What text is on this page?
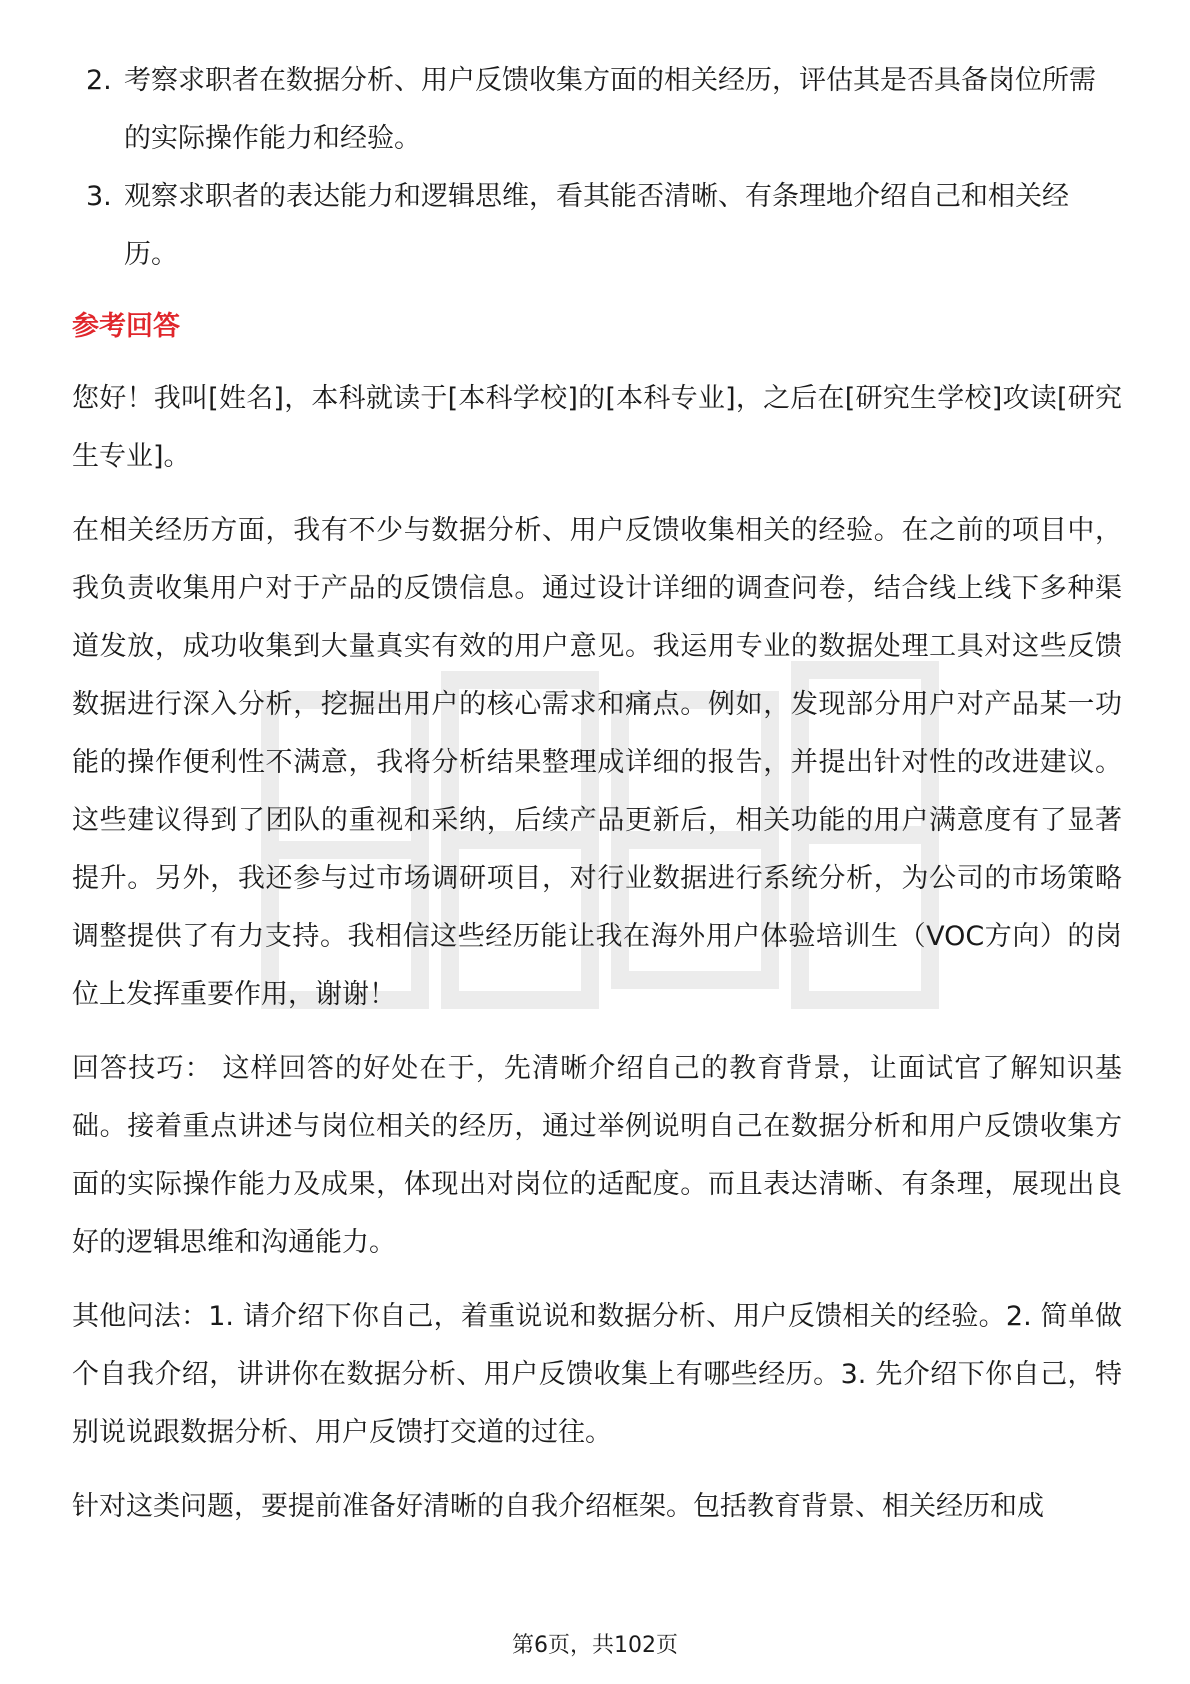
2. 考察求职者在数据分析、用户反馈收集方面的相关经历，评估其是否具备岗位所需的实际操作能力和经验。
3. 观察求职者的表达能力和逻辑思维，看其能否清晰、有条理地介绍自己和相关经历。
参考回答

您好！我叫[姓名]，本科就读于[本科学校]的[本科专业]，之后在[研究生学校]攻读[研究生专业]。

在相关经历方面，我有不少与数据分析、用户反馈收集相关的经验。在之前的项目中，我负责收集用户对于产品的反馈信息。通过设计详细的调查问卷，结合线上线下多种渠道发放，成功收集到大量真实有效的用户意见。我运用专业的数据处理工具对这些反馈数据进行深入分析，挖掘出用户的核心需求和痛点。例如，发现部分用户对产品某一功能的操作便利性不满意，我将分析结果整理成详细的报告，并提出针对性的改进建议。这些建议得到了团队的重视和采纳，后续产品更新后，相关功能的用户满意度有了显著提升。另外，我还参与过市场调研项目，对行业数据进行系统分析，为公司的市场策略调整提供了有力支持。我相信这些经历能让我在海外用户体验培训生（VOC方向）的岗位上发挥重要作用，谢谢！

回答技巧： 这样回答的好处在于，先清晰介绍自己的教育背景，让面试官了解知识基础。接着重点讲述与岗位相关的经历，通过举例说明自己在数据分析和用户反馈收集方面的实际操作能力及成果，体现出对岗位的适配度。而且表达清晰、有条理，展现出良好的逻辑思维和沟通能力。

其他问法：1. 请介绍下你自己，着重说说和数据分析、用户反馈相关的经验。2. 简单做个自我介绍，讲讲你在数据分析、用户反馈收集上有哪些经历。3. 先介绍下你自己，特别说说跟数据分析、用户反馈打交道的过往。

针对这类问题，要提前准备好清晰的自我介绍框架。包括教育背景、相关经历和成

第6页，共102页
